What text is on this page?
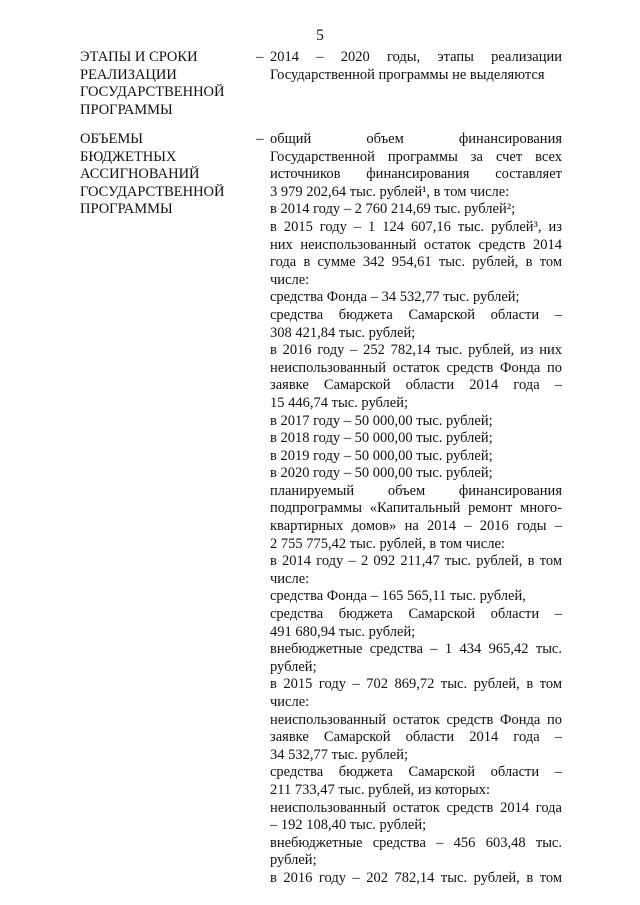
5
ЭТАПЫ И СРОКИ
РЕАЛИЗАЦИИ
ГОСУДАРСТВЕННОЙ
ПРОГРАММЫ
– 2014 – 2020 годы, этапы реализации
Государственной программы не выделяются
ОБЪЕМЫ
БЮДЖЕТНЫХ
АССИГНОВАНИЙ
ГОСУДАРСТВЕННОЙ
ПРОГРАММЫ
– общий объем финансирования
Государственной программы за счет всех
источников финансирования составляет
3 979 202,64 тыс. рублей¹, в том числе:
в 2014 году – 2 760 214,69 тыс. рублей²;
в 2015 году – 1 124 607,16 тыс. рублей³, из
них неиспользованный остаток средств 2014
года в сумме 342 954,61 тыс. рублей, в том
числе:
средства Фонда – 34 532,77 тыс. рублей;
средства бюджета Самарской области –
308 421,84 тыс. рублей;
в 2016 году – 252 782,14 тыс. рублей, из них
неиспользованный остаток средств Фонда по
заявке Самарской области 2014 года –
15 446,74 тыс. рублей;
в 2017 году – 50 000,00 тыс. рублей;
в 2018 году – 50 000,00 тыс. рублей;
в 2019 году – 50 000,00 тыс. рублей;
в 2020 году – 50 000,00 тыс. рублей;
планируемый объем финансирования
подпрограммы «Капитальный ремонт много-
квартирных домов» на 2014 – 2016 годы –
2 755 775,42 тыс. рублей, в том числе:
в 2014 году – 2 092 211,47 тыс. рублей, в том
числе:
средства Фонда – 165 565,11 тыс. рублей,
средства бюджета Самарской области –
491 680,94 тыс. рублей;
внебюджетные средства – 1 434 965,42 тыс.
рублей;
в 2015 году – 702 869,72 тыс. рублей, в том
числе:
неиспользованный остаток средств Фонда по
заявке Самарской области 2014 года –
34 532,77 тыс. рублей;
средства бюджета Самарской области –
211 733,47 тыс. рублей, из которых:
неиспользованный остаток средств 2014 года
– 192 108,40 тыс. рублей;
внебюджетные средства – 456 603,48 тыс.
рублей;
в 2016 году – 202 782,14 тыс. рублей, в том
